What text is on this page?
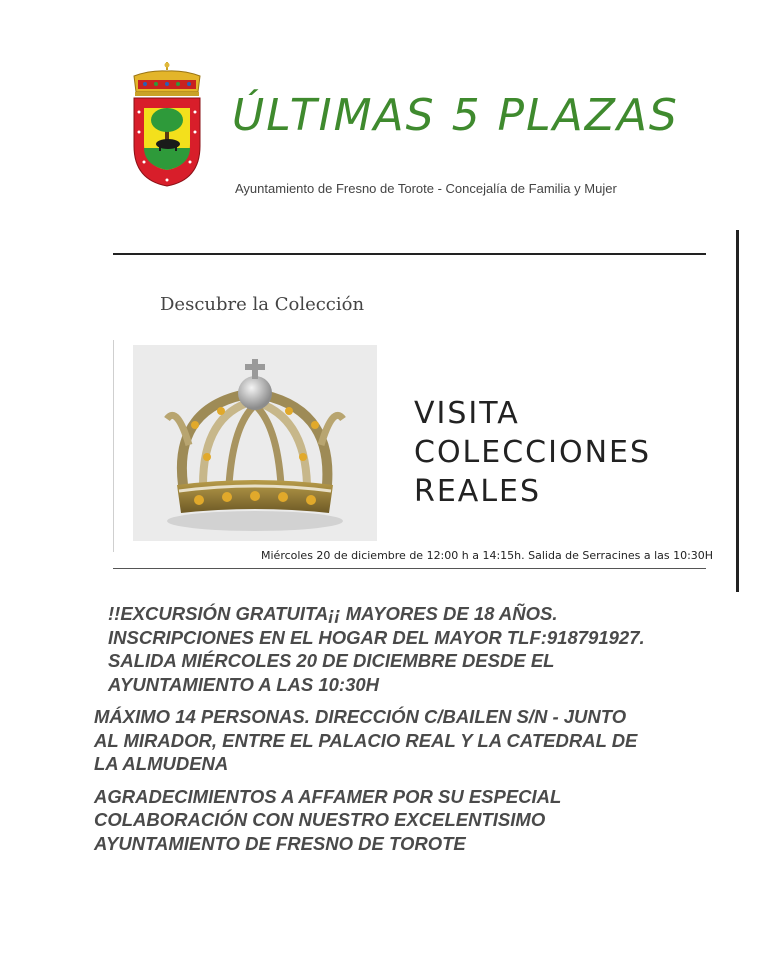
ÚLTIMAS 5 PLAZAS
Ayuntamiento de Fresno de Torote - Concejalía de Familia y Mujer
Descubre la Colección
VISITA
COLECCIONES
REALES
Miércoles 20 de diciembre de 12:00 h a 14:15h. Salida de Serracines a las 10:30H

!!EXCURSIÓN GRATUITA¡¡ MAYORES DE 18 AÑOS.
INSCRIPCIONES EN EL HOGAR DEL MAYOR TLF:918791927.
SALIDA MIÉRCOLES 20 DE DICIEMBRE DESDE EL
AYUNTAMIENTO A LAS 10:30H

MÁXIMO 14 PERSONAS. DIRECCIÓN C/BAILEN S/N - JUNTO
AL MIRADOR, ENTRE EL PALACIO REAL Y LA CATEDRAL DE
LA ALMUDENA

AGRADECIMIENTOS A AFFAMER POR SU ESPECIAL
COLABORACIÓN CON NUESTRO EXCELENTISIMO
AYUNTAMIENTO DE FRESNO DE TOROTE
